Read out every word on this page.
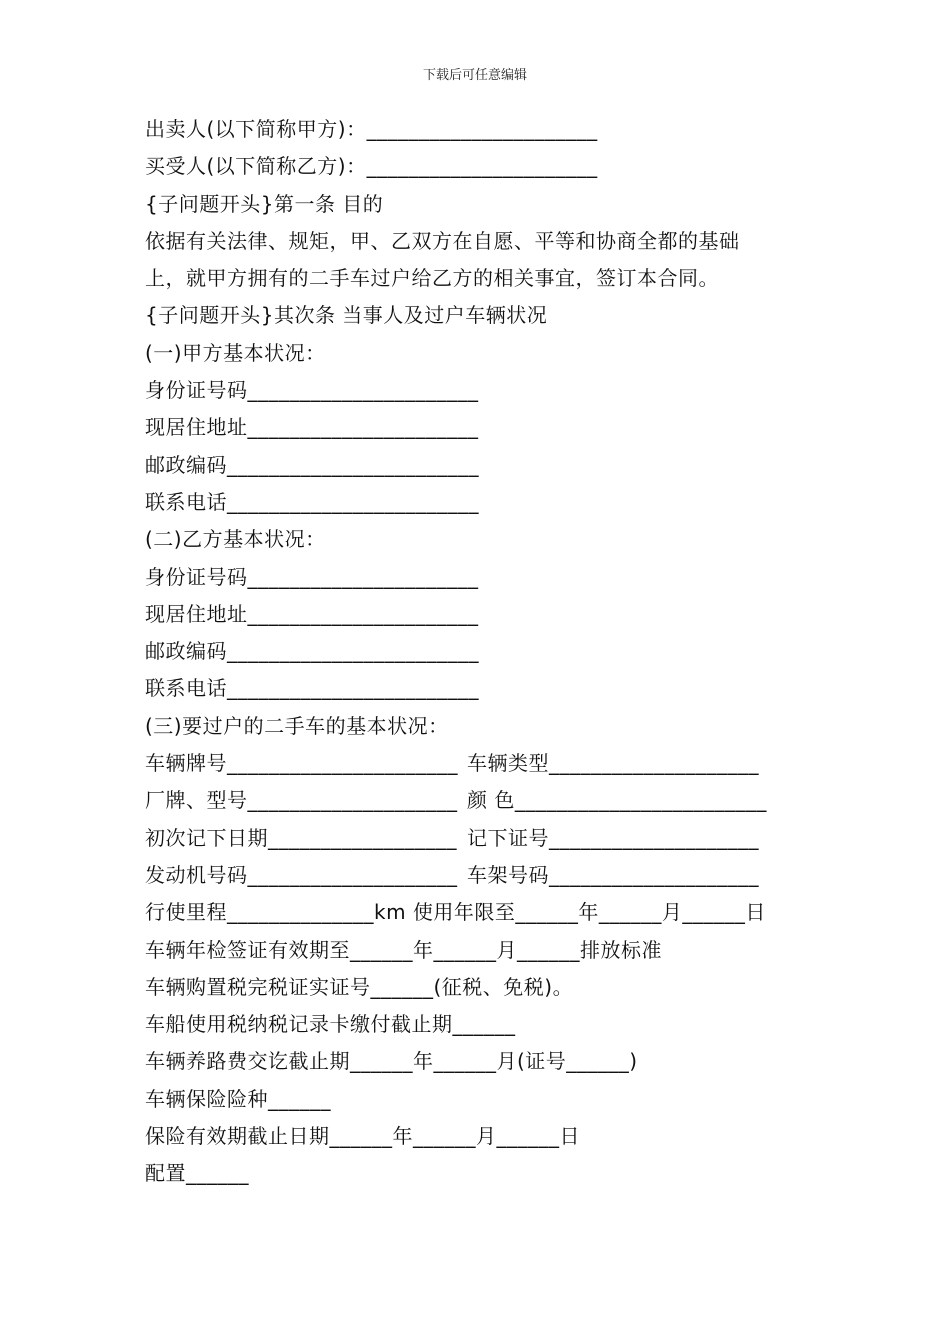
下载后可任意编辑
出卖人(以下简称甲方)：______________________
买受人(以下简称乙方)：______________________
{子问题开头}第一条 目的
依据有关法律、规矩，甲、乙双方在自愿、平等和协商全都的基础
上，就甲方拥有的二手车过户给乙方的相关事宜，签订本合同。
{子问题开头}其次条 当事人及过户车辆状况
(一)甲方基本状况：
身份证号码______________________
现居住地址______________________
邮政编码________________________
联系电话________________________
(二)乙方基本状况：
身份证号码______________________
现居住地址______________________
邮政编码________________________
联系电话________________________
(三)要过户的二手车的基本状况：
车辆牌号______________________ 车辆类型____________________
厂牌、型号____________________ 颜 色________________________
初次记下日期__________________ 记下证号____________________
发动机号码____________________ 车架号码____________________
行使里程______________km 使用年限至______年______月______日
车辆年检签证有效期至______年______月______排放标准
车辆购置税完税证实证号______(征税、免税)。
车船使用税纳税记录卡缴付截止期______
车辆养路费交讫截止期______年______月(证号______)
车辆保险险种______
保险有效期截止日期______年______月______日
配置______
